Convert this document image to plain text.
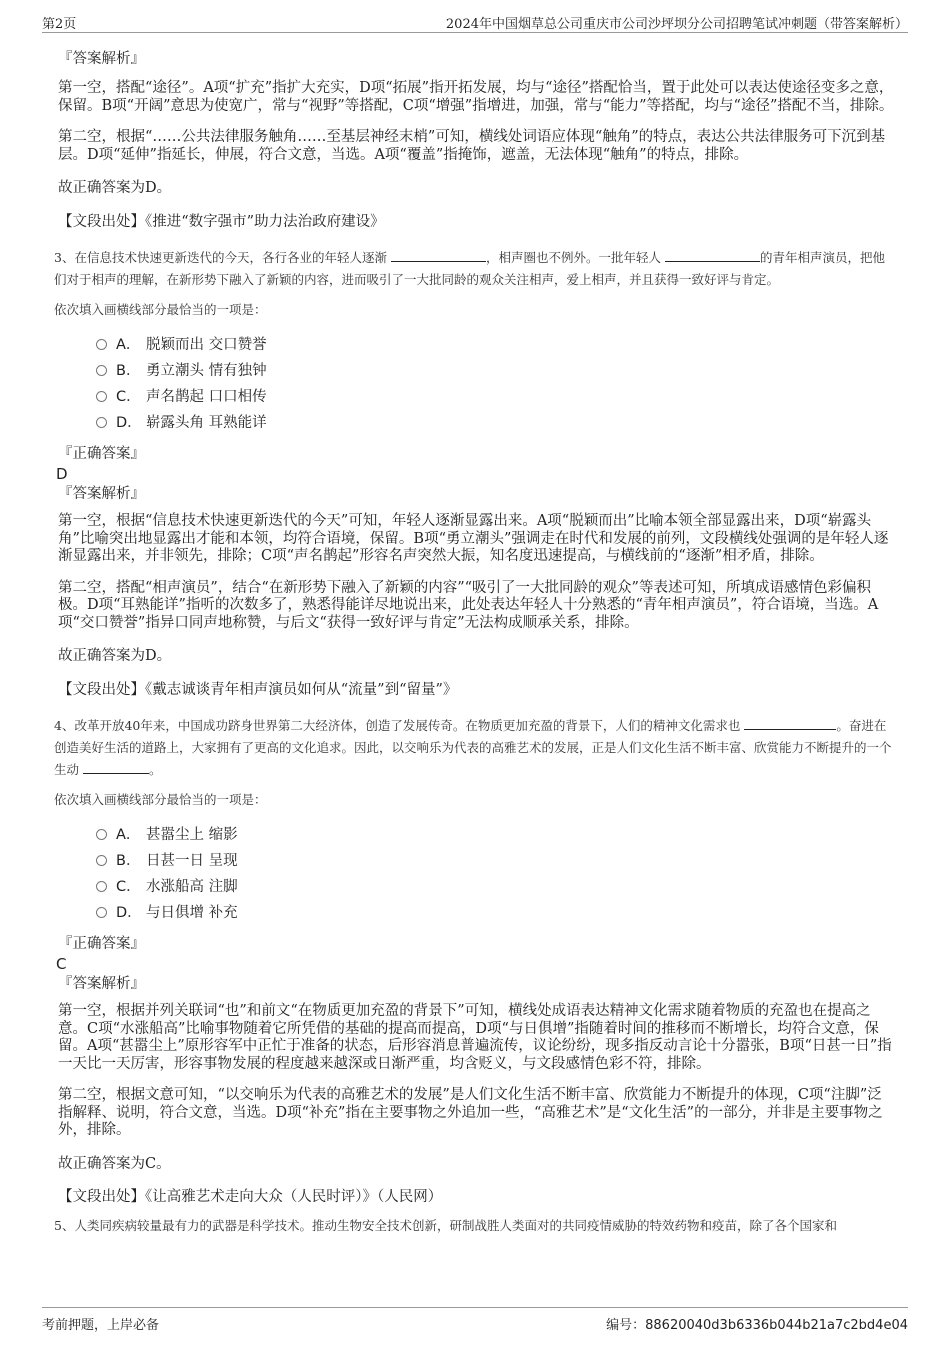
第2页	2024年中国烟草总公司重庆市公司沙坪坝分公司招聘笔试冲刺题（带答案解析）

『答案解析』

第一空，搭配“途径”。A项“扩充”指扩大充实，D项“拓展”指开拓发展，均与“途径”搭配恰当，置于此处可以表达使途径变多之意，保留。B项“开阔”意思为使宽广，常与“视野”等搭配，C项“增强”指增进，加强，常与“能力”等搭配，均与“途径”搭配不当，排除。

第二空，根据“……公共法律服务触角……至基层神经末梢”可知，横线处词语应体现“触角”的特点，表达公共法律服务可下沉到基层。D项“延伸”指延长，伸展，符合文意，当选。A项“覆盖”指掩饰，遮盖，无法体现“触角”的特点，排除。

故正确答案为D。

【文段出处】《推进“数字强市”助力法治政府建设》

3、在信息技术快速更新迭代的今天，各行各业的年轻人逐渐	，相声圈也不例外。一批年轻人	的青年相声演员，把他们对于相声的理解，在新形势下融入了新颖的内容，进而吸引了一大批同龄的观众关注相声，爱上相声，并且获得一致好评与肯定。

依次填入画横线部分最恰当的一项是：

A． 脱颖而出 交口赞誉
B． 勇立潮头 情有独钟
C． 声名鹊起 口口相传
D． 崭露头角 耳熟能详

『正确答案』

D

『答案解析』

第一空，根据“信息技术快速更新迭代的今天”可知，年轻人逐渐显露出来。A项“脱颖而出”比喻本领全部显露出来，D项“崭露头角”比喻突出地显露出才能和本领，均符合语境，保留。B项“勇立潮头”强调走在时代和发展的前列，文段横线处强调的是年轻人逐渐显露出来，并非领先，排除；C项“声名鹊起”形容名声突然大振，知名度迅速提高，与横线前的“逐渐”相矛盾，排除。

第二空，搭配“相声演员”，结合“在新形势下融入了新颖的内容”“吸引了一大批同龄的观众”等表述可知，所填成语感情色彩偏积极。D项“耳熟能详”指听的次数多了，熟悉得能详尽地说出来，此处表达年轻人十分熟悉的“青年相声演员”，符合语境，当选。A项“交口赞誉”指异口同声地称赞，与后文“获得一致好评与肯定”无法构成顺承关系，排除。

故正确答案为D。

【文段出处】《戴志诚谈青年相声演员如何从“流量”到“留量”》

4、改革开放40年来，中国成功跻身世界第二大经济体，创造了发展传奇。在物质更加充盈的背景下，人们的精神文化需求也	。奋进在创造美好生活的道路上，大家拥有了更高的文化追求。因此，以交响乐为代表的高雅艺术的发展，正是人们文化生活不断丰富、欣赏能力不断提升的一个生动	。

依次填入画横线部分最恰当的一项是：

A． 甚嚣尘上 缩影
B． 日甚一日 呈现
C． 水涨船高 注脚
D． 与日俱增 补充

『正确答案』

C

『答案解析』

第一空，根据并列关联词“也”和前文“在物质更加充盈的背景下”可知，横线处成语表达精神文化需求随着物质的充盈也在提高之意。C项“水涨船高”比喻事物随着它所凭借的基础的提高而提高，D项“与日俱增”指随着时间的推移而不断增长，均符合文意，保留。A项“甚嚣尘上”原形容军中正忙于准备的状态，后形容消息普遍流传，议论纷纷，现多指反动言论十分嚣张，B项“日甚一日”指一天比一天厉害，形容事物发展的程度越来越深或日渐严重，均含贬义，与文段感情色彩不符，排除。

第二空，根据文意可知，“以交响乐为代表的高雅艺术的发展”是人们文化生活不断丰富、欣赏能力不断提升的体现，C项“注脚”泛指解释、说明，符合文意，当选。D项“补充”指在主要事物之外追加一些，“高雅艺术”是“文化生活”的一部分，并非是主要事物之外，排除。

故正确答案为C。

【文段出处】《让高雅艺术走向大众（人民时评）》（人民网）

5、人类同疾病较量最有力的武器是科学技术。推动生物安全技术创新，研制战胜人类面对的共同疫情威胁的特效药物和疫苗，除了各个国家和

考前押题，上岸必备	编号：88620040d3b6336b044b21a7c2bd4e04
